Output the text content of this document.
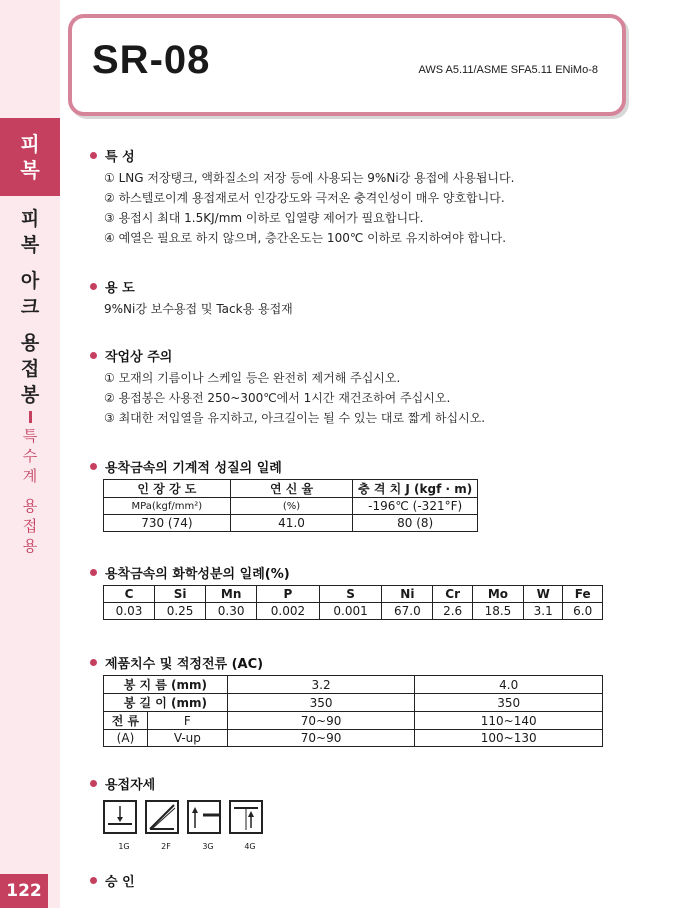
피
복
피
복
아
크
용
접
봉
특
수
계
용
접
용
122
SR-08	AWS A5.11/ASME SFA5.11 ENiMo-8
특 성
① LNG 저장탱크, 액화질소의 저장 등에 사용되는 9%Ni강 용접에 사용됩니다.
② 하스텔로이계 용접재로서 인강강도와 극저온 충격인성이 매우 양호합니다.
③ 용접시 최대 1.5KJ/mm 이하로 입열량 제어가 필요합니다.
④ 예열은 필요로 하지 않으며, 층간온도는 100℃ 이하로 유지하여야 합니다.
용 도
9%Ni강 보수용접 및 Tack용 용접재
작업상 주의
① 모재의 기름이나 스케일 등은 완전히 제거해 주십시오.
② 용접봉은 사용전 250~300℃에서 1시간 재건조하여 주십시오.
③ 최대한 저입열을 유지하고, 아크길이는 될 수 있는 대로 짧게 하십시오.
용착금속의 기계적 성질의 일례
인 장 강 도	연 신 율	충 격 치 J (kgf · m)
MPa(kgf/mm²)	(%)	-196℃ (-321°F)
730 (74)	41.0	80 (8)
용착금속의 화학성분의 일례(%)
C	Si	Mn	P	S	Ni	Cr	Mo	W	Fe
0.03	0.25	0.30	0.002	0.001	67.0	2.6	18.5	3.1	6.0
제품치수 및 적정전류 (AC)
봉 지 름 (mm)		3.2	4.0
봉 길 이 (mm)		350	350
전 류	F	70~90	110~140
(A)	V-up	70~90	100~130
용접자세
1G	2F	3G	4G
승 인
